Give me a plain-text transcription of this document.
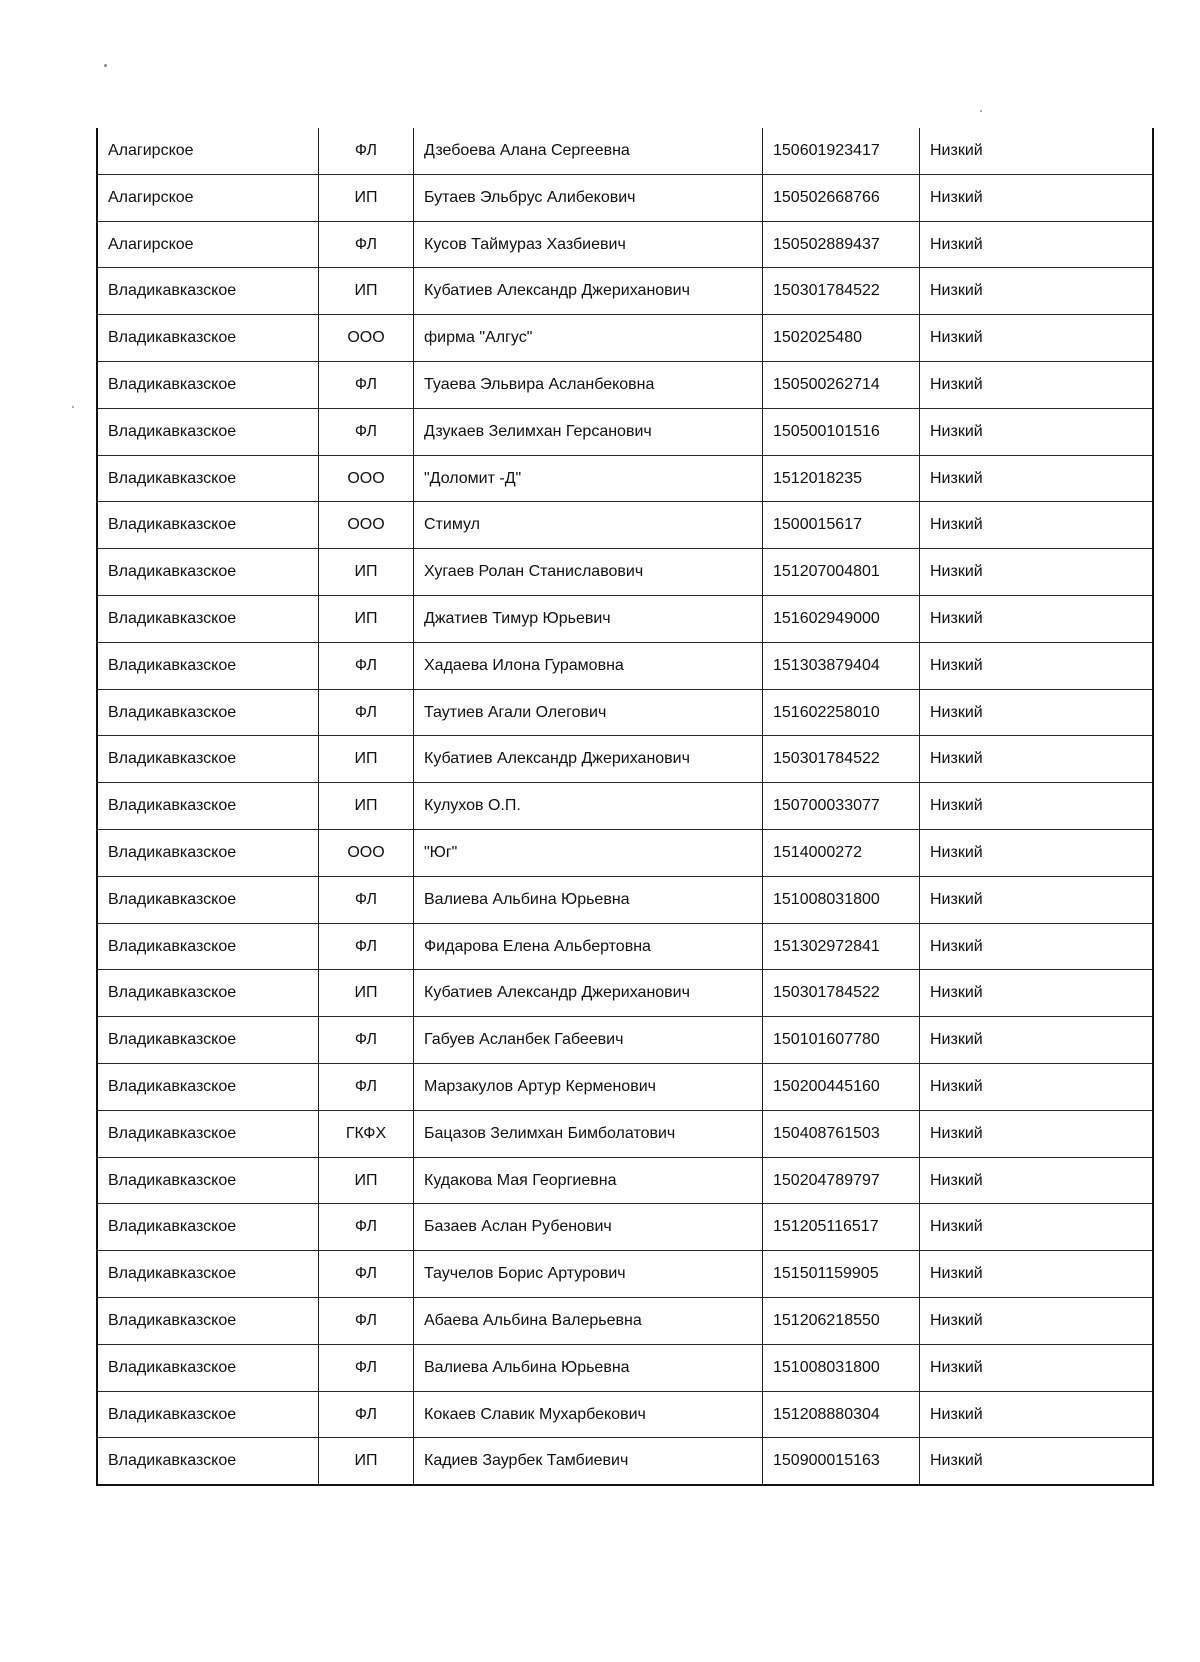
Алагирское	ФЛ	Дзебоева Алана Сергеевна	150601923417	Низкий
Алагирское	ИП	Бутаев Эльбрус Алибекович	150502668766	Низкий
Алагирское	ФЛ	Кусов Таймураз Хазбиевич	150502889437	Низкий
Владикавказское	ИП	Кубатиев Александр Джериханович	150301784522	Низкий
Владикавказское	ООО	фирма "Алгус"	1502025480	Низкий
Владикавказское	ФЛ	Туаева Эльвира Асланбековна	150500262714	Низкий
Владикавказское	ФЛ	Дзукаев Зелимхан Герсанович	150500101516	Низкий
Владикавказское	ООО	"Доломит -Д"	1512018235	Низкий
Владикавказское	ООО	Стимул	1500015617	Низкий
Владикавказское	ИП	Хугаев Ролан Станиславович	151207004801	Низкий
Владикавказское	ИП	Джатиев Тимур Юрьевич	151602949000	Низкий
Владикавказское	ФЛ	Хадаева Илона Гурамовна	151303879404	Низкий
Владикавказское	ФЛ	Таутиев Агали Олегович	151602258010	Низкий
Владикавказское	ИП	Кубатиев Александр Джериханович	150301784522	Низкий
Владикавказское	ИП	Кулухов О.П.	150700033077	Низкий
Владикавказское	ООО	"Юг"	1514000272	Низкий
Владикавказское	ФЛ	Валиева Альбина Юрьевна	151008031800	Низкий
Владикавказское	ФЛ	Фидарова Елена Альбертовна	151302972841	Низкий
Владикавказское	ИП	Кубатиев Александр Джериханович	150301784522	Низкий
Владикавказское	ФЛ	Габуев Асланбек Габеевич	150101607780	Низкий
Владикавказское	ФЛ	Марзакулов Артур Керменович	150200445160	Низкий
Владикавказское	ГКФХ	Бацазов Зелимхан Бимболатович	150408761503	Низкий
Владикавказское	ИП	Кудакова Мая Георгиевна	150204789797	Низкий
Владикавказское	ФЛ	Базаев Аслан Рубенович	151205116517	Низкий
Владикавказское	ФЛ	Таучелов Борис Артурович	151501159905	Низкий
Владикавказское	ФЛ	Абаева Альбина Валерьевна	151206218550	Низкий
Владикавказское	ФЛ	Валиева Альбина Юрьевна	151008031800	Низкий
Владикавказское	ФЛ	Кокаев Славик Мухарбекович	151208880304	Низкий
Владикавказское	ИП	Кадиев Заурбек Тамбиевич	150900015163	Низкий
